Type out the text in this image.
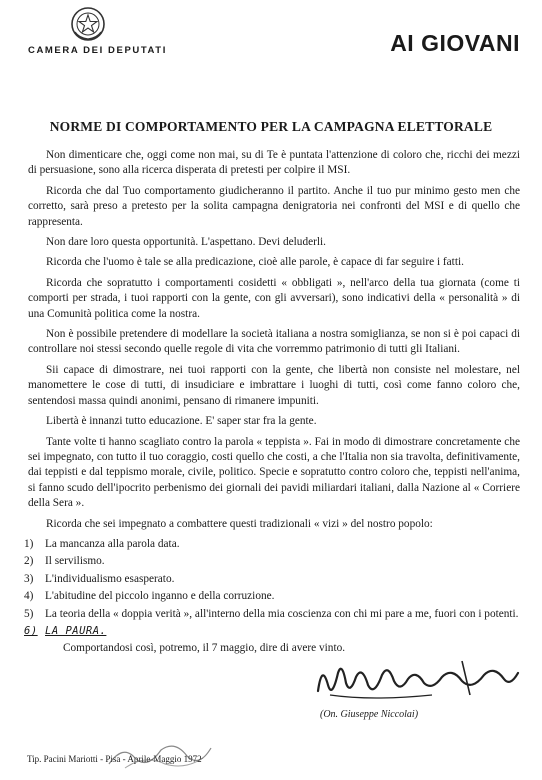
CAMERA DEI DEPUTATI	AI GIOVANI
NORME DI COMPORTAMENTO PER LA CAMPAGNA ELETTORALE

Non dimenticare che, oggi come non mai, su di Te è puntata l'attenzione di coloro che, ricchi dei mezzi di persuasione, sono alla ricerca disperata di pretesti per colpire il MSI.

Ricorda che dal Tuo comportamento giudicheranno il partito. Anche il tuo pur minimo gesto men che corretto, sarà preso a pretesto per la solita campagna denigratoria nei confronti del MSI e di quello che rappresenta.

Non dare loro questa opportunità. L'aspettano. Devi deluderli.

Ricorda che l'uomo è tale se alla predicazione, cioè alle parole, è capace di far seguire i fatti.

Ricorda che sopratutto i comportamenti cosidetti « obbligati », nell'arco della tua giornata (come ti comporti per strada, i tuoi rapporti con la gente, con gli avversari), sono indicativi della « personalità » di una Comunità politica come la nostra.

Non è possibile pretendere di modellare la società italiana a nostra somiglianza, se non si è poi capaci di controllare noi stessi secondo quelle regole di vita che vorremmo patrimonio di tutti gli Italiani.

Sii capace di dimostrare, nei tuoi rapporti con la gente, che libertà non consiste nel molestare, nel manomettere le cose di tutti, di insudiciare e imbrattare i luoghi di tutti, così come fanno coloro che, sentendosi massa quindi anonimi, pensano di rimanere impuniti.

Libertà è innanzi tutto educazione. E' saper star fra la gente.

Tante volte ti hanno scagliato contro la parola « teppista ». Fai in modo di dimostrare concretamente che sei impegnato, con tutto il tuo coraggio, costi quello che costi, a che l'Italia non sia travolta, definitivamente, dai teppisti e dal teppismo morale, civile, politico. Specie e sopratutto contro coloro che, teppisti nell'anima, si fanno scudo dell'ipocrito perbenismo dei giornali dei pavidi miliardari italiani, dalla Nazione al « Corriere della Sera ».

Ricorda che sei impegnato a combattere questi tradizionali « vizi » del nostro popolo:

1) La mancanza alla parola data.
2) Il servilismo.
3) L'individualismo esasperato.
4) L'abitudine del piccolo inganno e della corruzione.
5) La teoria della « doppia verità », all'interno della mia coscienza con chi mi pare a me, fuori con i potenti.
6) LA PAURA.

Comportandosi così, potremo, il 7 maggio, dire di avere vinto.

(On. Giuseppe Niccolai)
Tip. Pacini Mariotti - Pisa - Aprile-Maggio 1972
